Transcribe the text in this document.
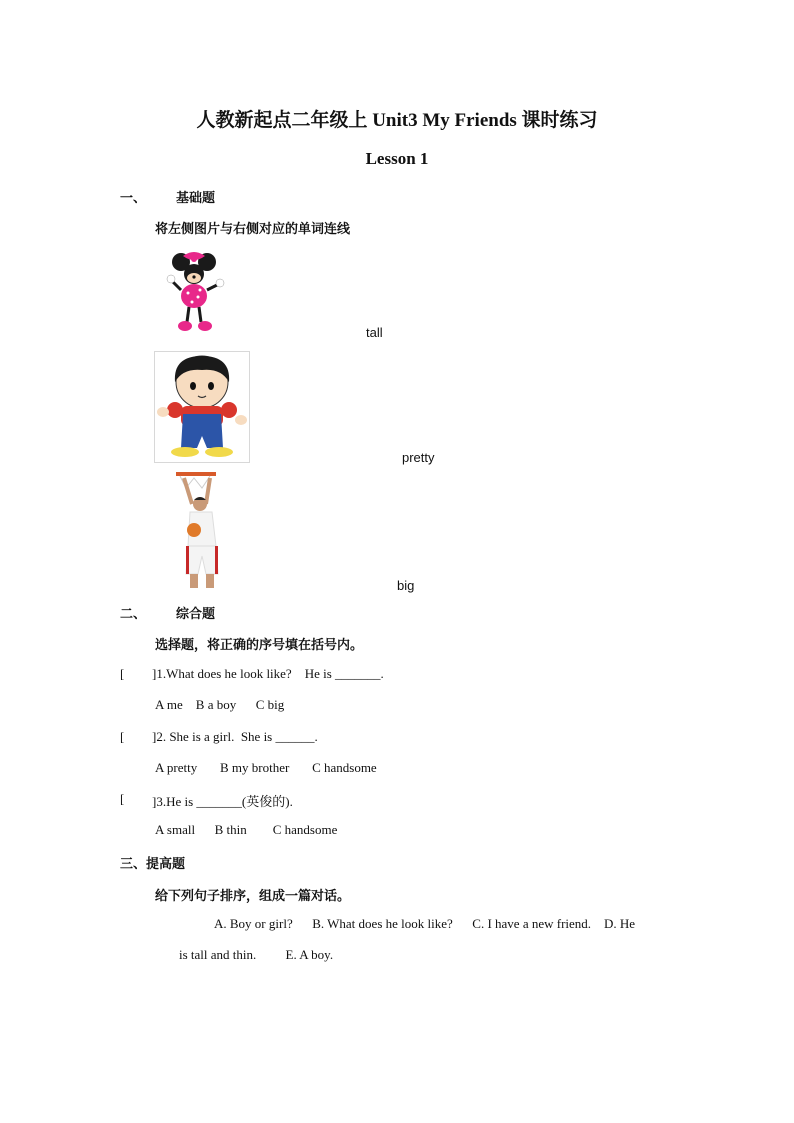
人教新起点二年级上 Unit3 My Friends 课时练习
Lesson 1
一、 基础题
将左侧图片与右侧对应的单词连线
tall
pretty
big
二、 综合题
选择题，将正确的序号填在括号内。
[ ]1.What does he look like?    He is _______.
A me    B a boy      C big
[ ]2. She is a girl.  She is ______.
A pretty       B my brother       C handsome
[ ]3.He is _______(英俊的).
A small      B thin        C handsome
三、提高题
给下列句子排序，组成一篇对话。
A. Boy or girl?      B. What does he look like?      C. I have a new friend.    D. He
is tall and thin.         E. A boy.
